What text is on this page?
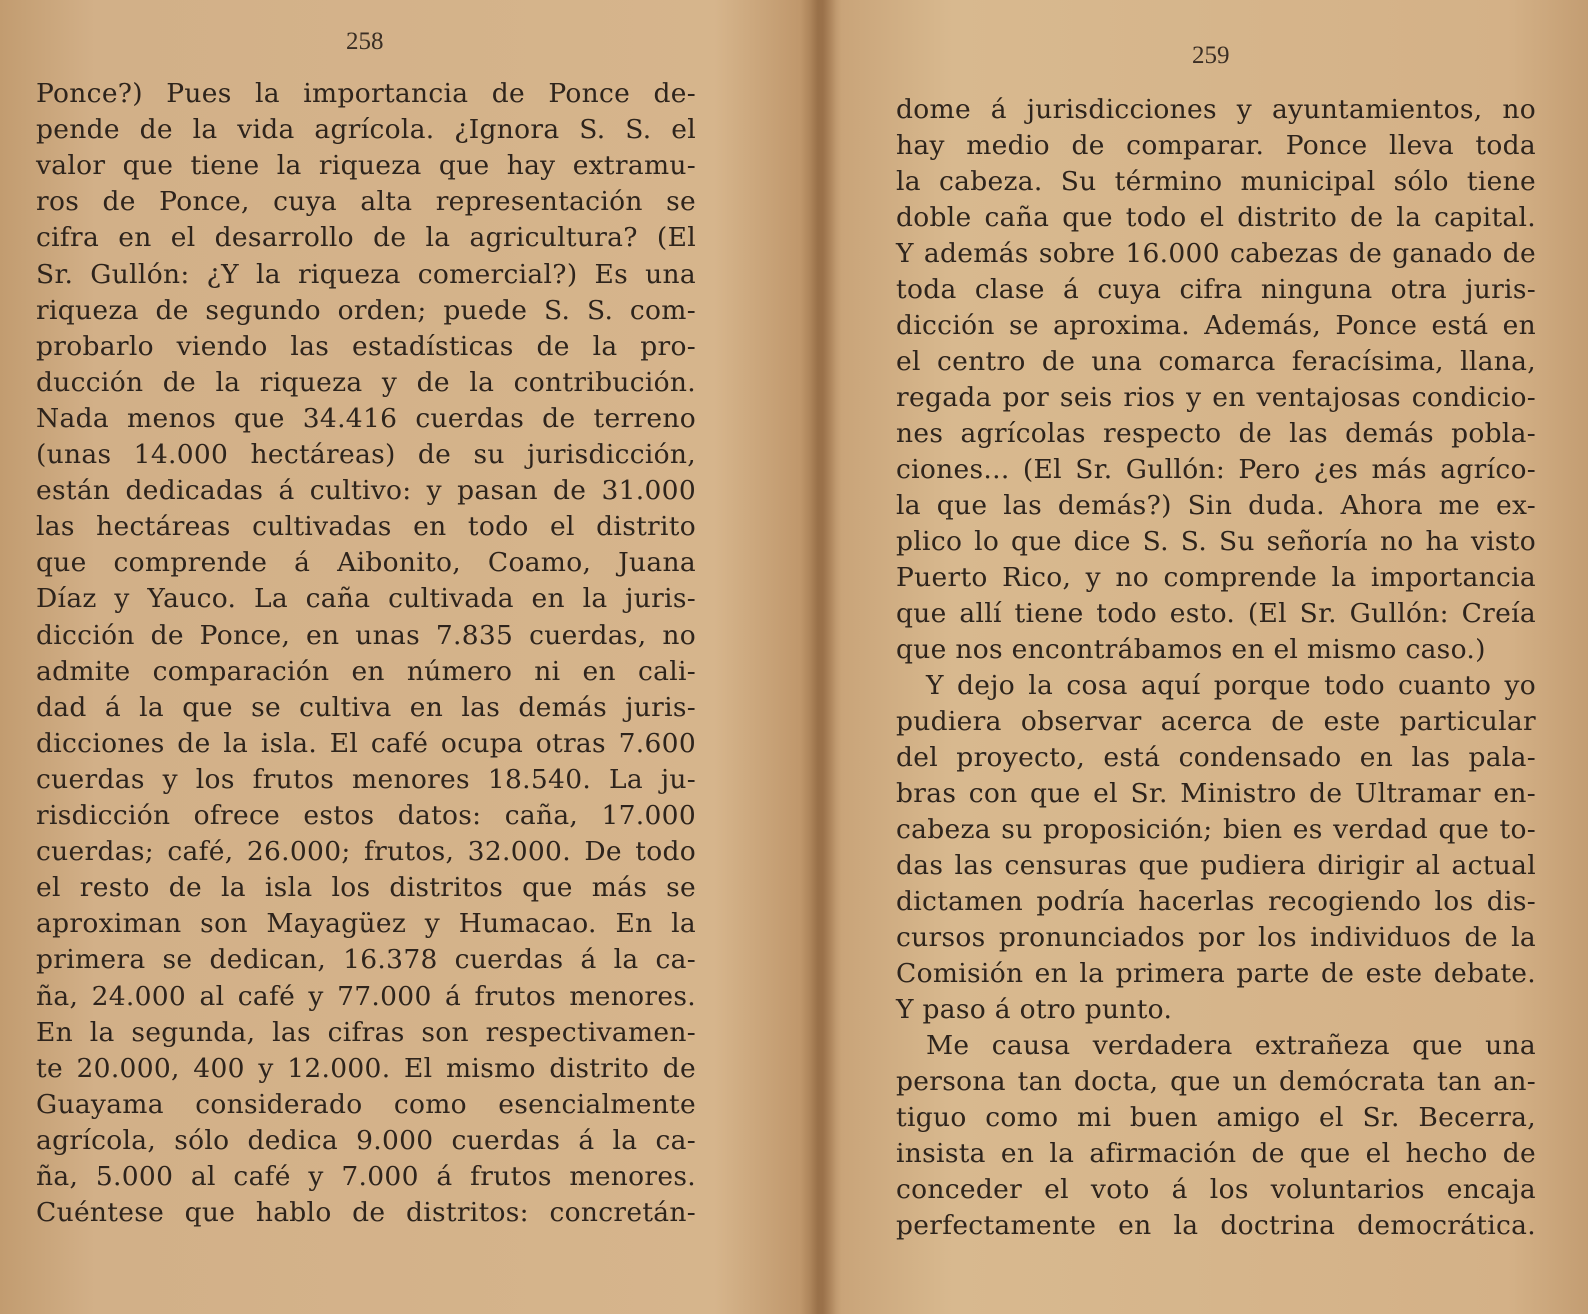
258
Ponce?) Pues la importancia de Ponce de-
pende de la vida agrícola. ¿Ignora S. S. el
valor que tiene la riqueza que hay extramu-
ros de Ponce, cuya alta representación se
cifra en el desarrollo de la agricultura? (El
Sr. Gullón: ¿Y la riqueza comercial?) Es una
riqueza de segundo orden; puede S. S. com-
probarlo viendo las estadísticas de la pro-
ducción de la riqueza y de la contribución.
Nada menos que 34.416 cuerdas de terreno
(unas 14.000 hectáreas) de su jurisdicción,
están dedicadas á cultivo: y pasan de 31.000
las hectáreas cultivadas en todo el distrito
que comprende á Aibonito, Coamo, Juana
Díaz y Yauco. La caña cultivada en la juris-
dicción de Ponce, en unas 7.835 cuerdas, no
admite comparación en número ni en cali-
dad á la que se cultiva en las demás juris-
dicciones de la isla. El café ocupa otras 7.600
cuerdas y los frutos menores 18.540. La ju-
risdicción ofrece estos datos: caña, 17.000
cuerdas; café, 26.000; frutos, 32.000. De todo
el resto de la isla los distritos que más se
aproximan son Mayagüez y Humacao. En la
primera se dedican, 16.378 cuerdas á la ca-
ña, 24.000 al café y 77.000 á frutos menores.
En la segunda, las cifras son respectivamen-
te 20.000, 400 y 12.000. El mismo distrito de
Guayama considerado como esencialmente
agrícola, sólo dedica 9.000 cuerdas á la ca-
ña, 5.000 al café y 7.000 á frutos menores.
Cuéntese que hablo de distritos: concretán-
259
dome á jurisdicciones y ayuntamientos, no
hay medio de comparar. Ponce lleva toda
la cabeza. Su término municipal sólo tiene
doble caña que todo el distrito de la capital.
Y además sobre 16.000 cabezas de ganado de
toda clase á cuya cifra ninguna otra juris-
dicción se aproxima. Además, Ponce está en
el centro de una comarca feracísima, llana,
regada por seis rios y en ventajosas condicio-
nes agrícolas respecto de las demás pobla-
ciones... (El Sr. Gullón: Pero ¿es más agríco-
la que las demás?) Sin duda. Ahora me ex-
plico lo que dice S. S. Su señoría no ha visto
Puerto Rico, y no comprende la importancia
que allí tiene todo esto. (El Sr. Gullón: Creía
que nos encontrábamos en el mismo caso.)
Y dejo la cosa aquí porque todo cuanto yo
pudiera observar acerca de este particular
del proyecto, está condensado en las pala-
bras con que el Sr. Ministro de Ultramar en-
cabeza su proposición; bien es verdad que to-
das las censuras que pudiera dirigir al actual
dictamen podría hacerlas recogiendo los dis-
cursos pronunciados por los individuos de la
Comisión en la primera parte de este debate.
Y paso á otro punto.
Me causa verdadera extrañeza que una
persona tan docta, que un demócrata tan an-
tiguo como mi buen amigo el Sr. Becerra,
insista en la afirmación de que el hecho de
conceder el voto á los voluntarios encaja
perfectamente en la doctrina democrática.
